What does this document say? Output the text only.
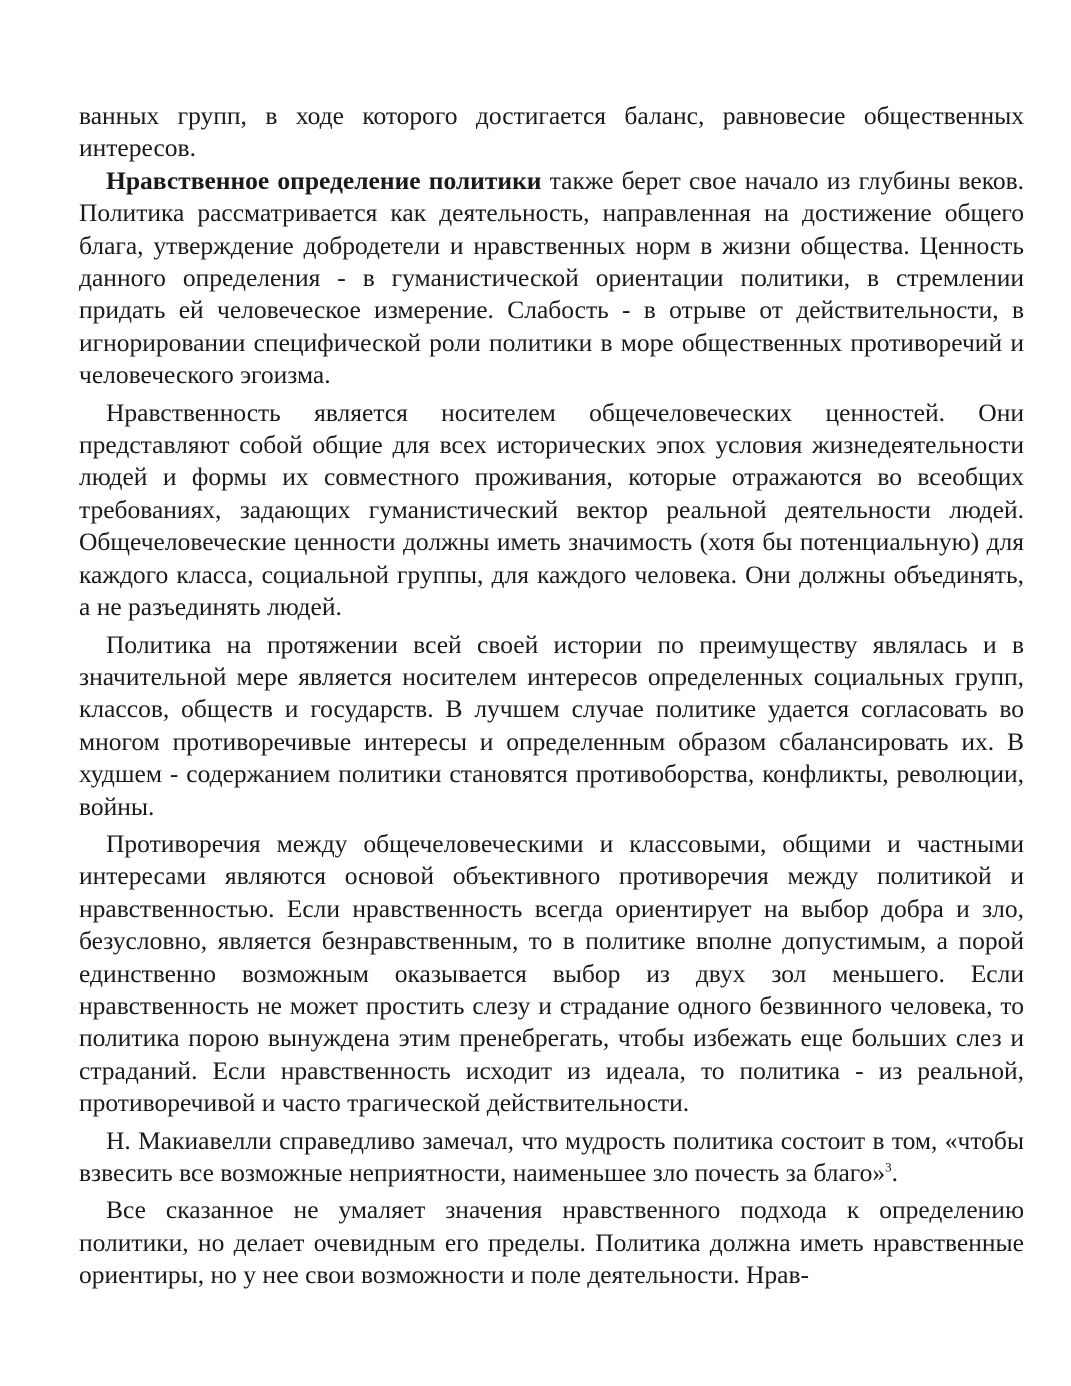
ванных групп, в ходе которого достигается баланс, равновесие общественных интересов.

Нравственное определение политики также берет свое начало из глубины веков. Политика рассматривается как деятельность, направленная на достижение общего блага, утверждение добродетели и нравственных норм в жизни общества. Ценность данного определения - в гуманистической ориентации политики, в стремлении придать ей человеческое измерение. Слабость - в отрыве от действительности, в игнорировании специфической роли политики в море общественных противоречий и человеческого эгоизма.

Нравственность является носителем общечеловеческих ценностей. Они представляют собой общие для всех исторических эпох условия жизнедеятельности людей и формы их совместного проживания, которые отражаются во всеобщих требованиях, задающих гуманистический вектор реальной деятельности людей. Общечеловеческие ценности должны иметь значимость (хотя бы потенциальную) для каждого класса, социальной группы, для каждого человека. Они должны объединять, а не разъединять людей.

Политика на протяжении всей своей истории по преимуществу являлась и в значительной мере является носителем интересов определенных социальных групп, классов, обществ и государств. В лучшем случае политике удается согласовать во многом противоречивые интересы и определенным образом сбалансировать их. В худшем - содержанием политики становятся противоборства, конфликты, революции, войны.

Противоречия между общечеловеческими и классовыми, общими и частными интересами являются основой объективного противоречия между политикой и нравственностью. Если нравственность всегда ориентирует на выбор добра и зло, безусловно, является безнравственным, то в политике вполне допустимым, а порой единственно возможным оказывается выбор из двух зол меньшего. Если нравственность не может простить слезу и страдание одного безвинного человека, то политика порою вынуждена этим пренебрегать, чтобы избежать еще больших слез и страданий. Если нравственность исходит из идеала, то политика - из реальной, противоречивой и часто трагической действительности.

Н. Макиавелли справедливо замечал, что мудрость политика состоит в том, «чтобы взвесить все возможные неприятности, наименьшее зло почесть за благо»$^3$.

Все сказанное не умаляет значения нравственного подхода к определению политики, но делает очевидным его пределы. Политика должна иметь нравственные ориентиры, но у нее свои возможности и поле деятельности. Нрав-
